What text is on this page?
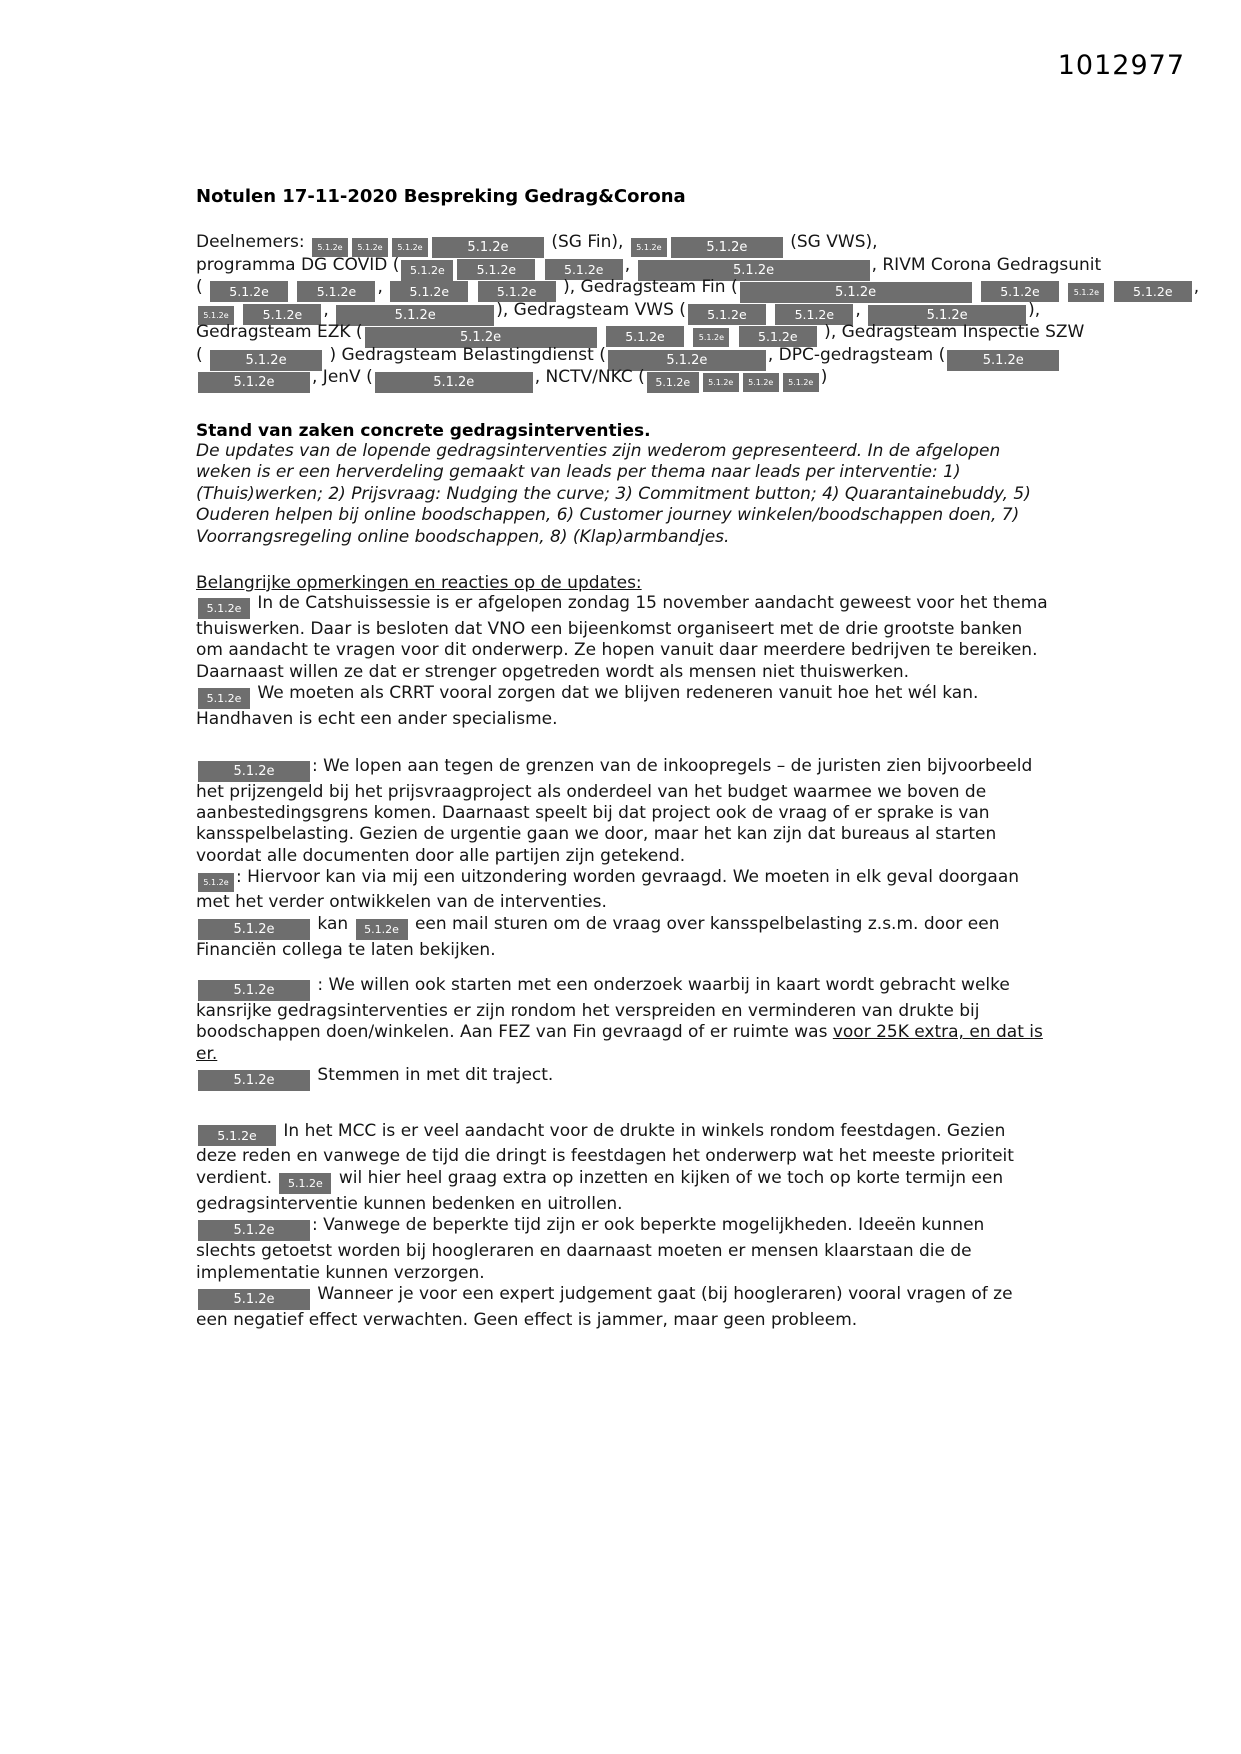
1012977
Notulen 17-11-2020 Bespreking Gedrag&Corona
Deelnemers: 5.1.2e 5.1.2e 5.1.2e	5.1.2e (SG Fin), 5.1.2e	5.1.2e (SG VWS),
programma DG COVID ( 5.1.2e	5.1.2e	5.1.2e ,	5.1.2e	, RIVM Corona Gedragsunit
( 5.1.2e	5.1.2e , 5.1.2e	5.1.2e ), Gedragsteam Fin (	5.1.2e	5.1.2e	5.1.2e	5.1.2e ,
5.1.2e	5.1.2e ,	5.1.2e	), Gedragsteam VWS ( 5.1.2e	5.1.2e ,	5.1.2e	),
Gedragsteam EZK (	5.1.2e	5.1.2e	5.1.2e	5.1.2e ), Gedragsteam Inspectie SZW
(	5.1.2e ) Gedragsteam Belastingdienst (	5.1.2e	, DPC-gedragsteam (	5.1.2e
5.1.2e , JenV (	5.1.2e	, NCTV/NKC ( 5.1.2e 5.1.2e 5.1.2e 5.1.2e )
Stand van zaken concrete gedragsinterventies.

De updates van de lopende gedragsinterventies zijn wederom gepresenteerd. In de afgelopen weken is er een herverdeling gemaakt van leads per thema naar leads per interventie: 1) (Thuis)werken; 2) Prijsvraag: Nudging the curve; 3) Commitment button; 4) Quarantainebuddy, 5) Ouderen helpen bij online boodschappen, 6) Customer journey winkelen/boodschappen doen, 7) Voorrangsregeling online boodschappen, 8) (Klap)armbandjes.

Belangrijke opmerkingen en reacties op de updates:

5.1.2e In de Catshuissessie is er afgelopen zondag 15 november aandacht geweest voor het thema thuiswerken. Daar is besloten dat VNO een bijeenkomst organiseert met de drie grootste banken om aandacht te vragen voor dit onderwerp. Ze hopen vanuit daar meerdere bedrijven te bereiken. Daarnaast willen ze dat er strenger opgetreden wordt als mensen niet thuiswerken.

5.1.2e We moeten als CRRT vooral zorgen dat we blijven redeneren vanuit hoe het wél kan. Handhaven is echt een ander specialisme.

5.1.2e : We lopen aan tegen de grenzen van de inkoopregels – de juristen zien bijvoorbeeld het prijzengeld bij het prijsvraagproject als onderdeel van het budget waarmee we boven de aanbestedingsgrens komen. Daarnaast speelt bij dat project ook de vraag of er sprake is van kansspelbelasting. Gezien de urgentie gaan we door, maar het kan zijn dat bureaus al starten voordat alle documenten door alle partijen zijn getekend.

5.1.2e : Hiervoor kan via mij een uitzondering worden gevraagd. We moeten in elk geval doorgaan met het verder ontwikkelen van de interventies.

5.1.2e kan 5.1.2e een mail sturen om de vraag over kansspelbelasting z.s.m. door een Financiën collega te laten bekijken.

5.1.2e : We willen ook starten met een onderzoek waarbij in kaart wordt gebracht welke kansrijke gedragsinterventies er zijn rondom het verspreiden en verminderen van drukte bij boodschappen doen/winkelen. Aan FEZ van Fin gevraagd of er ruimte was voor 25K extra, en dat is er.

5.1.2e Stemmen in met dit traject.

5.1.2e In het MCC is er veel aandacht voor de drukte in winkels rondom feestdagen. Gezien deze reden en vanwege de tijd die dringt is feestdagen het onderwerp wat het meeste prioriteit verdient. 5.1.2e wil hier heel graag extra op inzetten en kijken of we toch op korte termijn een gedragsinterventie kunnen bedenken en uitrollen.

5.1.2e : Vanwege de beperkte tijd zijn er ook beperkte mogelijkheden. Ideeën kunnen slechts getoetst worden bij hoogleraren en daarnaast moeten er mensen klaarstaan die de implementatie kunnen verzorgen.

5.1.2e Wanneer je voor een expert judgement gaat (bij hoogleraren) vooral vragen of ze een negatief effect verwachten. Geen effect is jammer, maar geen probleem.
